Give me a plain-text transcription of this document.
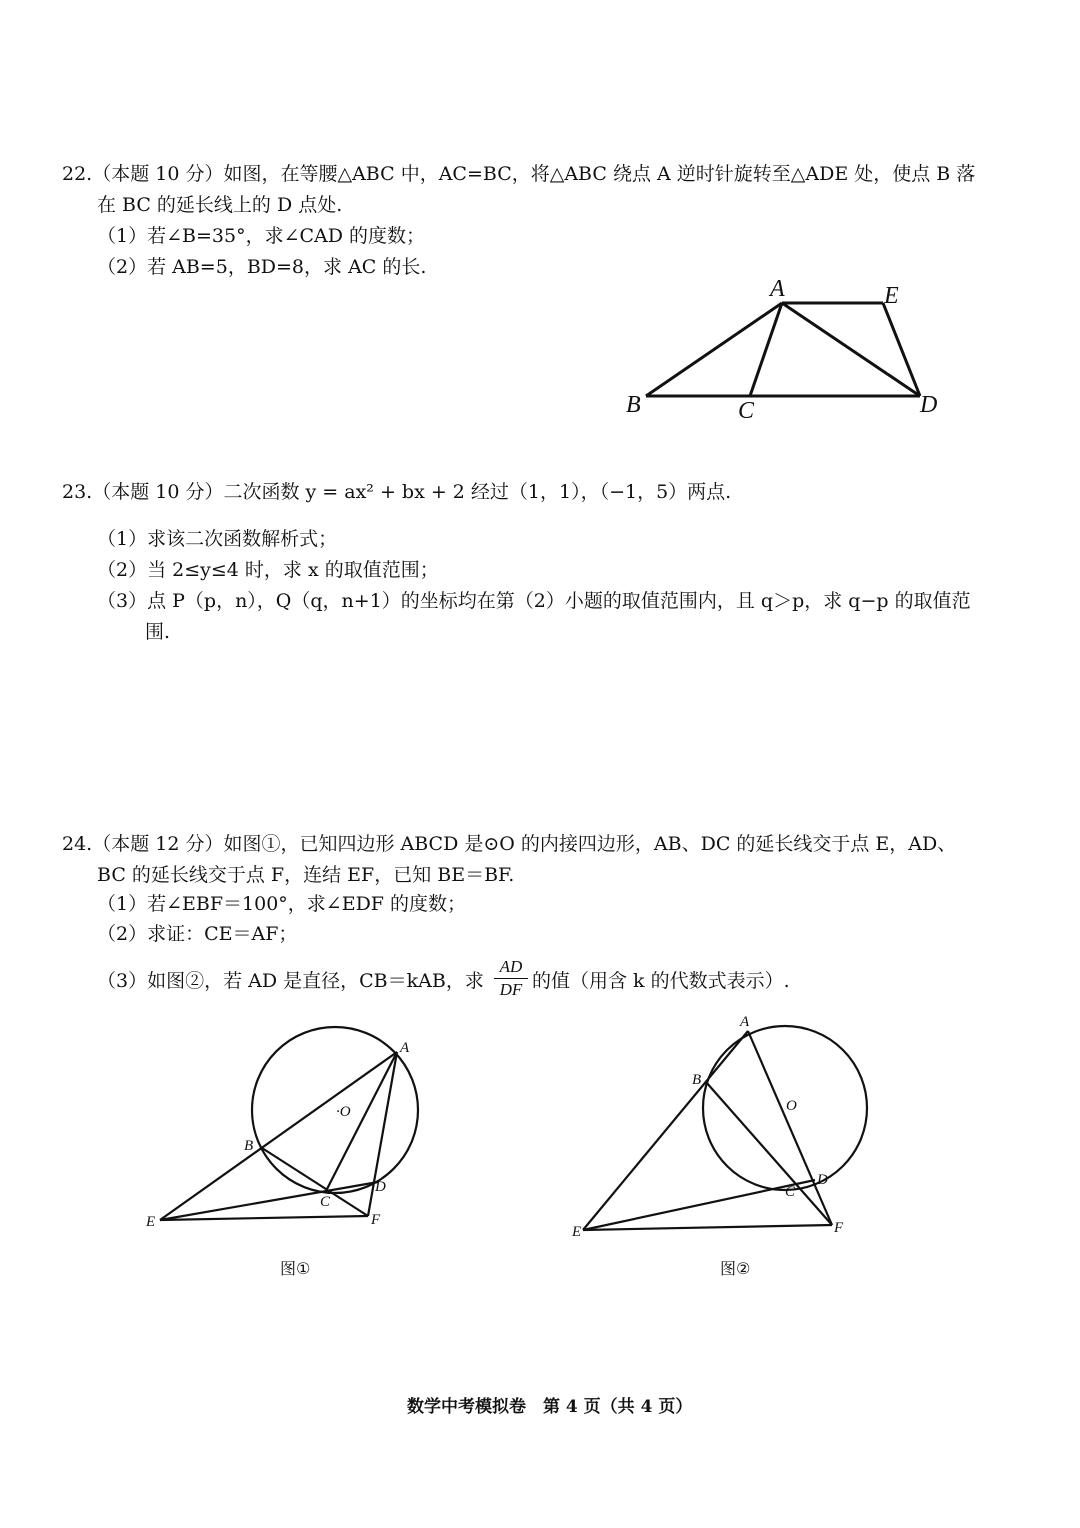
22.（本题 10 分）如图，在等腰△ABC 中，AC=BC，将△ABC 绕点 A 逆时针旋转至△ADE 处，使点 B 落
在 BC 的延长线上的 D 点处.
（1）若∠B=35°，求∠CAD 的度数；
（2）若 AB=5，BD=8，求 AC 的长.
A	E
B	C	D
23.（本题 10 分）二次函数 y = ax² + bx + 2 经过（1，1），（−1，5）两点.
（1）求该二次函数解析式；
（2）当 2≤y≤4 时，求 x 的取值范围；
（3）点 P（p，n），Q（q，n+1）的坐标均在第（2）小题的取值范围内，且 q＞p，求 q−p 的取值范
围.
24.（本题 12 分）如图①，已知四边形 ABCD 是⊙O 的内接四边形，AB、DC 的延长线交于点 E，AD、
BC 的延长线交于点 F，连结 EF，已知 BE＝BF.
（1）若∠EBF＝100°，求∠EDF 的度数；
（2）求证：CE＝AF；
（3）如图②，若 AD 是直径，CB＝kAB，求
AD
DF 的值（用含 k 的代数式表示）.
A
B
·O
C
D
E	F
图①
A
B
O
C
D
E	F
图②
数学中考模拟卷　第 4 页（共 4 页）
